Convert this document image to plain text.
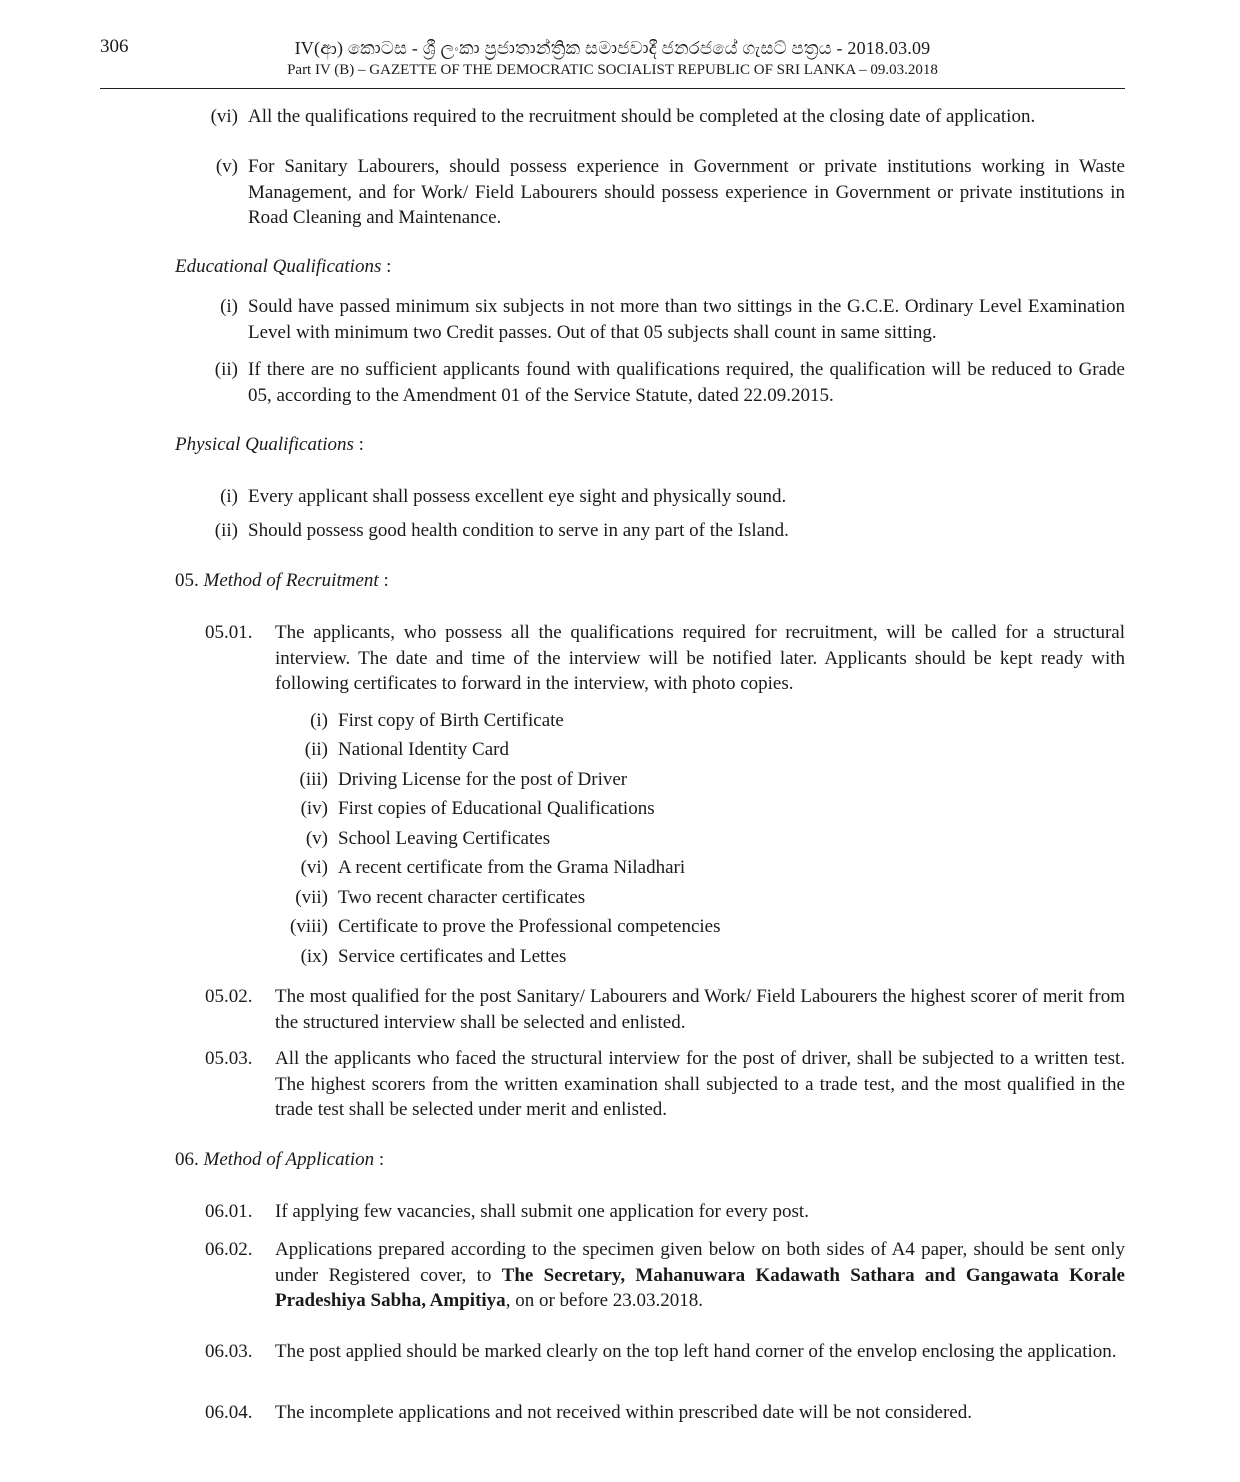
306	IV(ආ) කොටස - ශ්‍රී ලංකා ප්‍රජාතාන්ත්‍රික සමාජවාදී ජනරජයේ ගැසට් පත්‍රය - 2018.03.09
Part IV (B) – GAZETTE OF THE DEMOCRATIC SOCIALIST REPUBLIC OF SRI LANKA – 09.03.2018
(vi) All the qualifications required to the recruitment should be completed at the closing date of application.
(v) For Sanitary Labourers, should possess experience in Government or private institutions working in Waste Management, and for Work/ Field Labourers should possess experience in Government or private institutions in Road Cleaning and Maintenance.
Educational Qualifications :
(i) Sould have passed minimum six subjects in not more than two sittings in the G.C.E. Ordinary Level Examination Level with minimum two Credit passes. Out of that 05 subjects shall count in same sitting.
(ii) If there are no sufficient applicants found with qualifications required, the qualification will be reduced to Grade 05, according to the Amendment 01 of the Service Statute, dated 22.09.2015.
Physical Qualifications :
(i) Every applicant shall possess excellent eye sight and physically sound.
(ii) Should possess good health condition to serve in any part of the Island.
05. Method of Recruitment :
05.01.	The applicants, who possess all the qualifications required for recruitment, will be called for a structural interview. The date and time of the interview will be notified later. Applicants should be kept ready with following certificates to forward in the interview, with photo copies.
(i) First copy of Birth Certificate
(ii) National Identity Card
(iii) Driving License for the post of Driver
(iv) First copies of Educational Qualifications
(v) School Leaving Certificates
(vi) A recent certificate from the Grama Niladhari
(vii) Two recent character certificates
(viii) Certificate to prove the Professional competencies
(ix) Service certificates and Lettes
05.02.	The most qualified for the post Sanitary/ Labourers and Work/ Field Labourers the highest scorer of merit from the structured interview shall be selected and enlisted.
05.03.	All the applicants who faced the structural interview for the post of driver, shall be subjected to a written test. The highest scorers from the written examination shall subjected to a trade test, and the most qualified in the trade test shall be selected under merit and enlisted.
06. Method of Application :
06.01.	If applying few vacancies, shall submit one application for every post.
06.02.	Applications prepared according to the specimen given below on both sides of A4 paper, should be sent only under Registered cover, to The Secretary, Mahanuwara Kadawath Sathara and Gangawata Korale Pradeshiya Sabha, Ampitiya, on or before 23.03.2018.
06.03.	The post applied should be marked clearly on the top left hand corner of the envelop enclosing the application.
06.04.	The incomplete applications and not received within prescribed date will be not considered.
